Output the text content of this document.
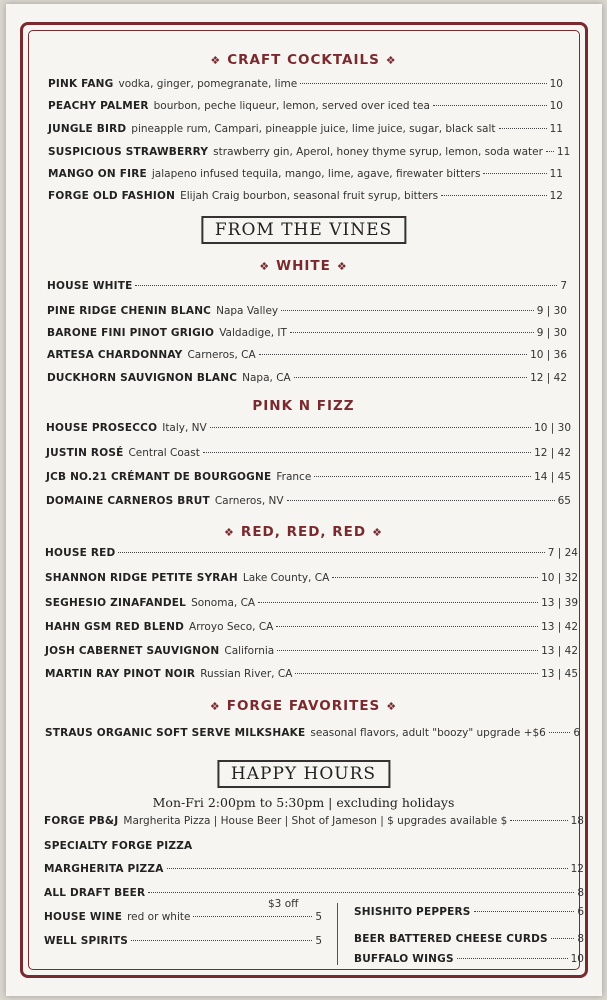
❖ CRAFT COCKTAILS ❖
FROM THE VINES
❖ WHITE ❖
PINK N FIZZ
❖ RED, RED, RED ❖
❖ FORGE FAVORITES ❖
HAPPY HOURS
Mon-Fri 2:00pm to 5:30pm | excluding holidays
$3 off
PINK FANG vodka, ginger, pomegranate, lime	10
PEACHY PALMER bourbon, peche liqueur, lemon, served over iced tea	10
JUNGLE BIRD pineapple rum, Campari, pineapple juice, lime juice, sugar, black salt	11
SUSPICIOUS STRAWBERRY strawberry gin, Aperol, honey thyme syrup, lemon, soda water 11
MANGO ON FIRE jalapeno infused tequila, mango, lime, agave, firewater bitters	11
FORGE OLD FASHION Elijah Craig bourbon, seasonal fruit syrup, bitters	12
HOUSE WHITE	7
PINE RIDGE CHENIN BLANC Napa Valley	9 | 30
BARONE FINI PINOT GRIGIO Valdadige, IT	9 | 30
ARTESA CHARDONNAY Carneros, CA	10 | 36
DUCKHORN SAUVIGNON BLANC Napa, CA	12 | 42
HOUSE PROSECCO Italy, NV	10 | 30
JUSTIN ROSÉ Central Coast	12 | 42
JCB NO.21 CRÉMANT DE BOURGOGNE France	14 | 45
DOMAINE CARNEROS BRUT Carneros, NV	65
HOUSE RED	7 | 24
SHANNON RIDGE PETITE SYRAH Lake County, CA	10 | 32
SEGHESIO ZINAFANDEL Sonoma, CA	13 | 39
HAHN GSM RED BLEND Arroyo Seco, CA	13 | 42
JOSH CABERNET SAUVIGNON California	13 | 42
MARTIN RAY PINOT NOIR Russian River, CA	13 | 45
STRAUS ORGANIC SOFT SERVE MILKSHAKE seasonal flavors, adult "boozy" upgrade +$6	6
FORGE PB&J Margherita Pizza | House Beer | Shot of Jameson | $ upgrades available $	18
SPECIALTY FORGE PIZZA
MARGHERITA PIZZA	12
ALL DRAFT BEER	8
HOUSE WINE red or white	5
WELL SPIRITS	5
SHISHITO PEPPERS	6
BEER BATTERED CHEESE CURDS	8
BUFFALO WINGS	10
